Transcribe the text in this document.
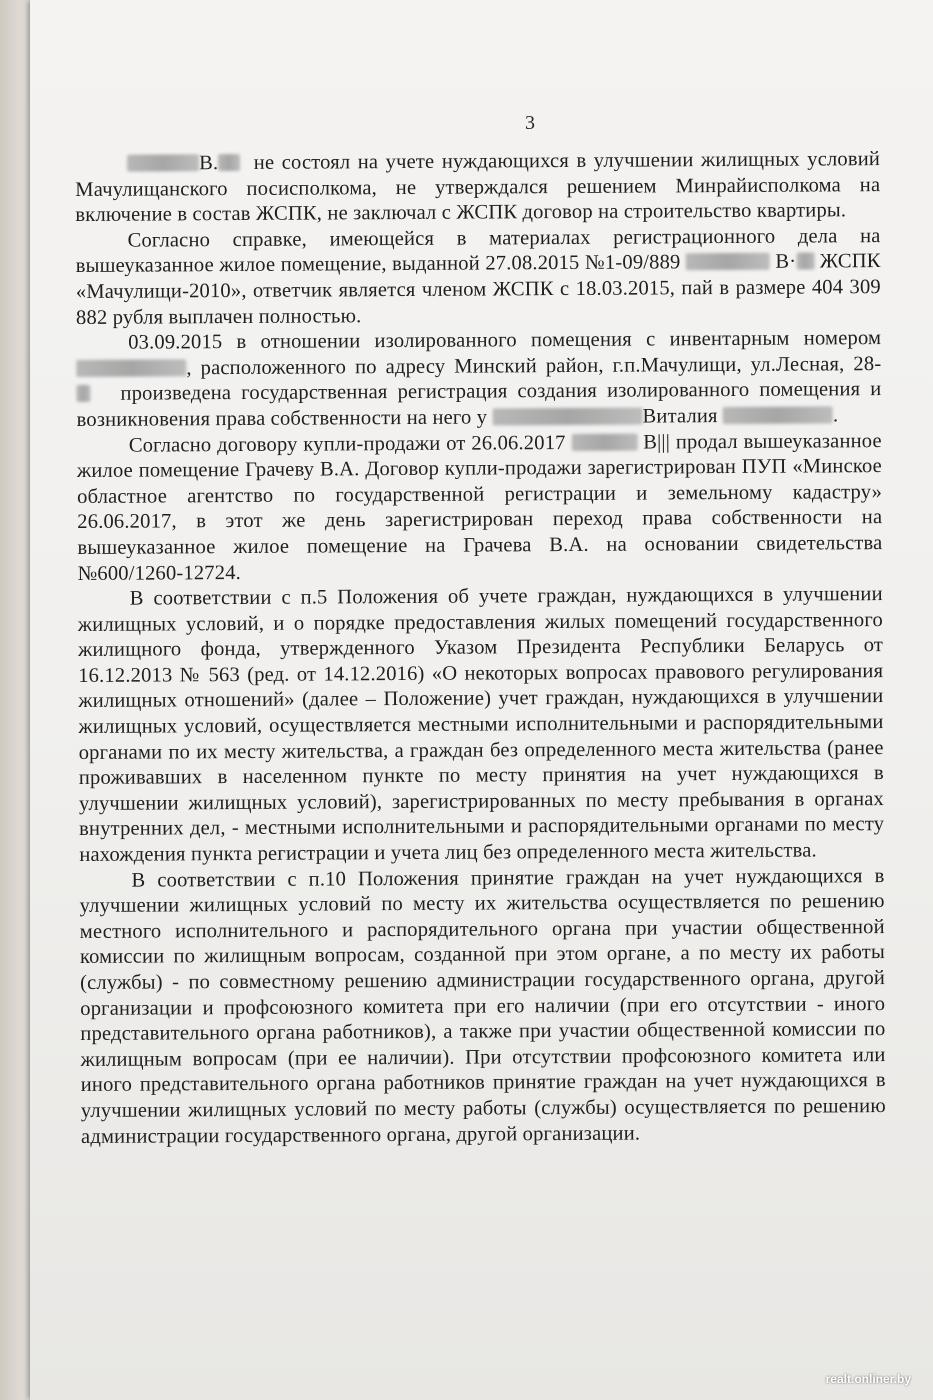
3

В. не состоял на учете нуждающихся в улучшении жилищных условий Мачулищанского посисполкома, не утверждался решением Минрайисполкома на включение в состав ЖСПК, не заключал с ЖСПК договор на строительство квартиры.

Согласно справке, имеющейся в материалах регистрационного дела на вышеуказанное жилое помещение, выданной 27.08.2015 №1-09/889	В· ЖСПК «Мачулищи-2010», ответчик является членом ЖСПК с 18.03.2015, пай в размере 404 309 882 рубля выплачен полностью.

03.09.2015 в отношении изолированного помещения с инвентарным номером , расположенного по адресу Минский район, г.п.Мачулищи, ул.Лесная, 28- произведена государственная регистрация создания изолированного помещения и возникновения права собственности на него у	Виталия	.

Согласно договору купли-продажи от 26.06.2017	В||| продал вышеуказанное жилое помещение Грачеву В.А. Договор купли-продажи зарегистрирован ПУП «Минское областное агентство по государственной регистрации и земельному кадастру» 26.06.2017, в этот же день зарегистрирован переход права собственности на вышеуказанное жилое помещение на Грачева В.А. на основании свидетельства №600/1260-12724.

В соответствии с п.5 Положения об учете граждан, нуждающихся в улучшении жилищных условий, и о порядке предоставления жилых помещений государственного жилищного фонда, утвержденного Указом Президента Республики Беларусь от 16.12.2013 № 563 (ред. от 14.12.2016) «О некоторых вопросах правового регулирования жилищных отношений» (далее – Положение) учет граждан, нуждающихся в улучшении жилищных условий, осуществляется местными исполнительными и распорядительными органами по их месту жительства, а граждан без определенного места жительства (ранее проживавших в населенном пункте по месту принятия на учет нуждающихся в улучшении жилищных условий), зарегистрированных по месту пребывания в органах внутренних дел, - местными исполнительными и распорядительными органами по месту нахождения пункта регистрации и учета лиц без определенного места жительства.

В соответствии с п.10 Положения принятие граждан на учет нуждающихся в улучшении жилищных условий по месту их жительства осуществляется по решению местного исполнительного и распорядительного органа при участии общественной комиссии по жилищным вопросам, созданной при этом органе, а по месту их работы (службы) - по совместному решению администрации государственного органа, другой организации и профсоюзного комитета при его наличии (при его отсутствии - иного представительного органа работников), а также при участии общественной комиссии по жилищным вопросам (при ее наличии). При отсутствии профсоюзного комитета или иного представительного органа работников принятие граждан на учет нуждающихся в улучшении жилищных условий по месту работы (службы) осуществляется по решению администрации государственного органа, другой организации.

realt.onliner.by
